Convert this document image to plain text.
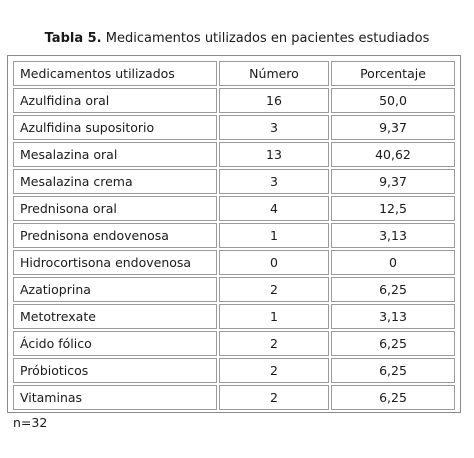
Tabla 5. Medicamentos utilizados en pacientes estudiados
Medicamentos utilizados	Número	Porcentaje
Azulfidina oral	16	50,0
Azulfidina supositorio	3	9,37
Mesalazina oral	13	40,62
Mesalazina crema	3	9,37
Prednisona oral	4	12,5
Prednisona endovenosa	1	3,13
Hidrocortisona endovenosa	0	0
Azatioprina	2	6,25
Metotrexate	1	3,13
Ácido fólico	2	6,25
Próbioticos	2	6,25
Vitaminas	2	6,25
n=32
